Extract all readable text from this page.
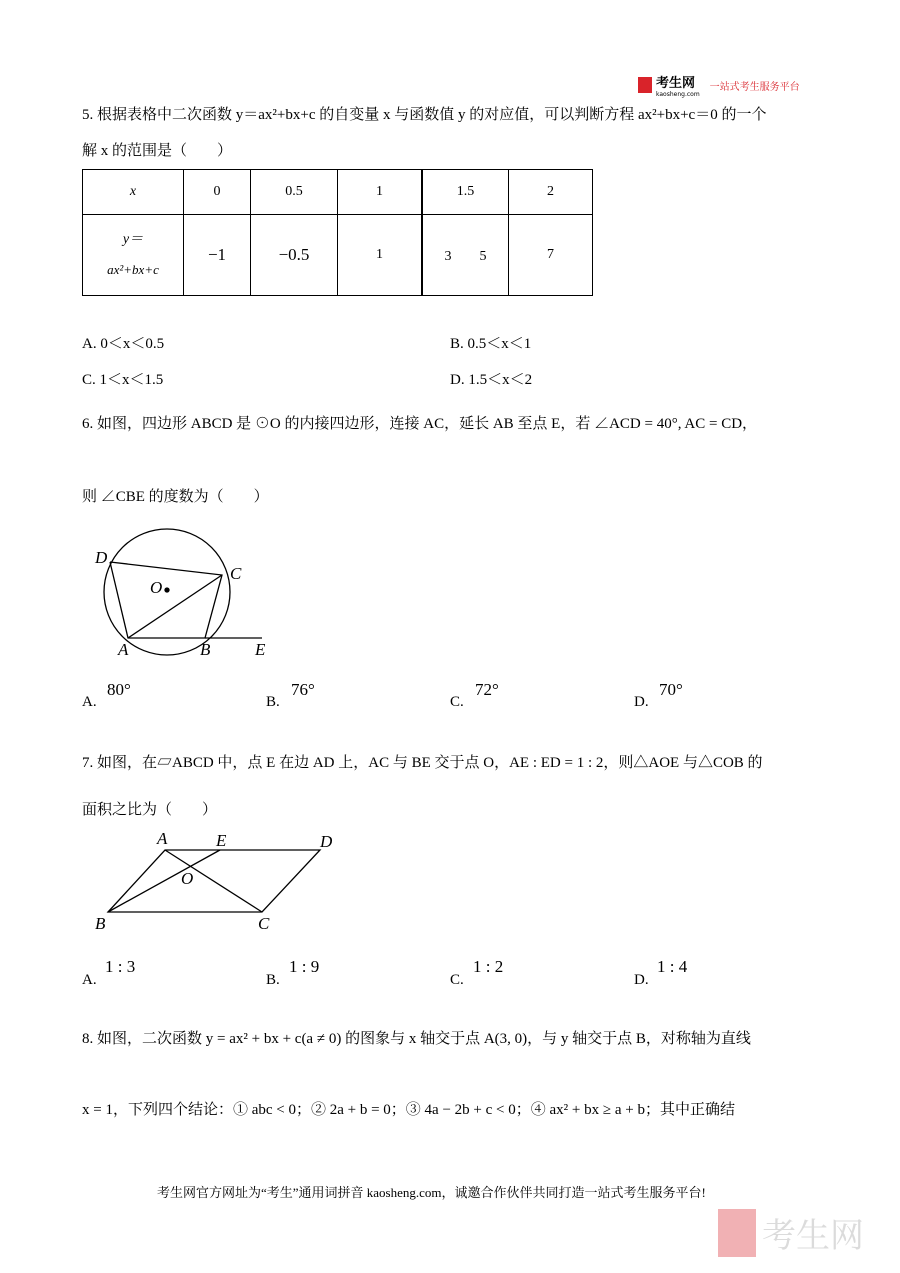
考生网
kaosheng.com
一站式考生服务平台
5. 根据表格中二次函数 y＝ax²+bx+c 的自变量 x 与函数值 y 的对应值，可以判断方程 ax²+bx+c＝0 的一个
解 x 的范围是（　　）
x	0	0.5	1	1.5	2

y＝
ax²+bx+c	−1	−0.5	1	3　　5	7
A. 0＜x＜0.5	B. 0.5＜x＜1
C. 1＜x＜1.5	D. 1.5＜x＜2
6. 如图，四边形 ABCD 是 ⊙O 的内接四边形，连接 AC，延长 AB 至点 E，若 ∠ACD = 40°, AC = CD，
则 ∠CBE 的度数为（　　）
D
C
O
A	B	E
A.
80°
B.
76°
C.
72°
D.
70°
7. 如图，在▱ABCD 中，点 E 在边 AD 上，AC 与 BE 交于点 O，AE : ED = 1 : 2，则△AOE 与△COB 的
面积之比为（　　）
A	E	D
O
B	C
A.
1 : 3
B.
1 : 9
C.
1 : 2
D.
1 : 4
8. 如图，二次函数 y = ax² + bx + c(a ≠ 0) 的图象与 x 轴交于点 A(3, 0)，与 y 轴交于点 B，对称轴为直线
x = 1，下列四个结论：① abc < 0；② 2a + b = 0；③ 4a − 2b + c < 0；④ ax² + bx ≥ a + b；其中正确结
考生网官方网址为“考生”通用词拼音 kaosheng.com，诚邀合作伙伴共同打造一站式考生服务平台!
考生网
